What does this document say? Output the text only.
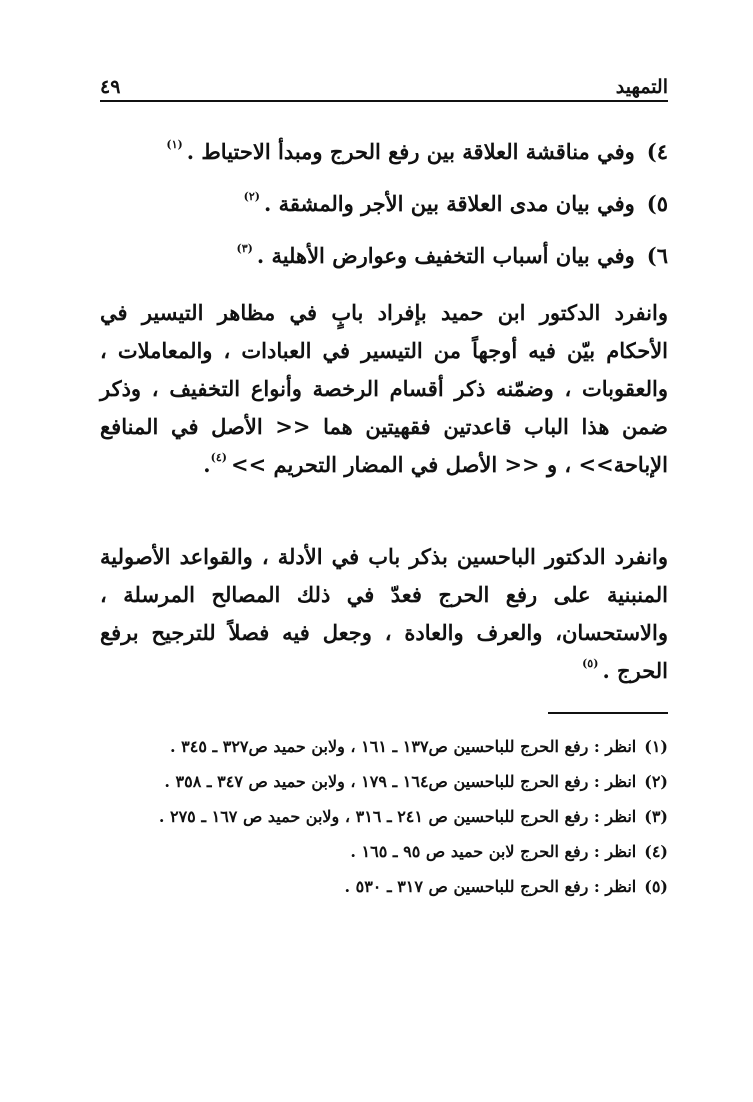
التمهيد
٤٩
٤)وفي مناقشة العلاقة بين رفع الحرج ومبدأ الاحتياط .$^{(١)}$
٥)وفي بيان مدى العلاقة بين الأجر والمشقة .$^{(٢)}$
٦)وفي بيان أسباب التخفيف وعوارض الأهلية .$^{(٣)}$

وانفرد الدكتور ابن حميد بإفراد بابٍ في مظاهر التيسير في الأحكام بيّن فيه أوجهاً من التيسير في العبادات ، والمعاملات ، والعقوبات ، وضمّنه ذكر أقسام الرخصة وأنواع التخفيف ، وذكر ضمن هذا الباب قاعدتين فقهيتين هما << الأصل في المنافع الإباحة>> ، و << الأصل في المضار التحريم >>$^{(٤)}$.

وانفرد الدكتور الباحسين بذكر باب في الأدلة ، والقواعد الأصولية المنبنية على رفع الحرج فعدّ في ذلك المصالح المرسلة ، والاستحسان، والعرف والعادة ، وجعل فيه فصلاً للترجيح برفع الحرج .$^{(٥)}$

(١)انظر : رفع الحرج للباحسين ص١٣٧ ـ ١٦١ ، ولابن حميد ص٣٢٧ ـ ٣٤٥ .
(٢)انظر : رفع الحرج للباحسين ص١٦٤ ـ ١٧٩ ، ولابن حميد ص ٣٤٧ ـ ٣٥٨ .
(٣)انظر : رفع الحرج للباحسين ص ٢٤١ ـ ٣١٦ ، ولابن حميد ص ١٦٧ ـ ٢٧٥ .
(٤)انظر : رفع الحرج لابن حميد ص ٩٥ ـ ١٦٥ .
(٥)انظر : رفع الحرج للباحسين ص ٣١٧ ـ ٥٣٠ .
